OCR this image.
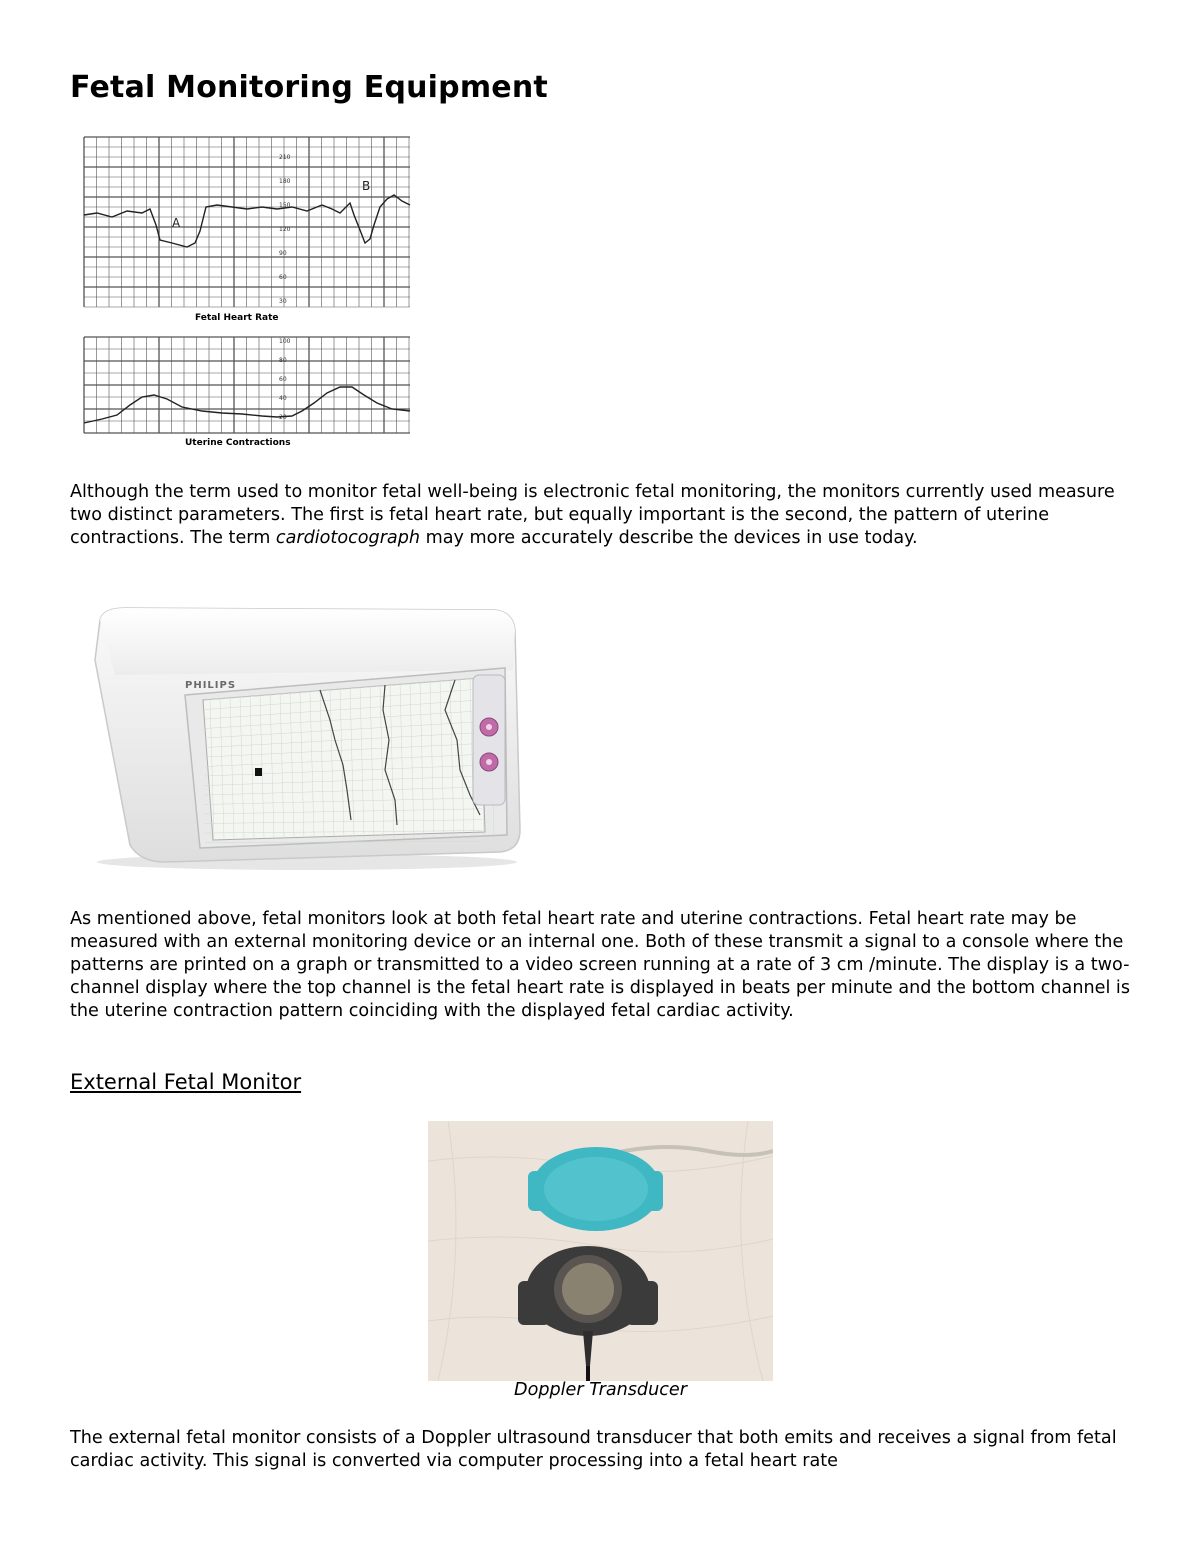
Fetal Monitoring Equipment
210
180
150
120
90
60
30
100
80
60
40
20
A
B
Fetal Heart Rate
Uterine Contractions

Although the term used to monitor fetal well-being is electronic fetal monitoring, the monitors currently used measure two distinct parameters. The first is fetal heart rate, but equally important is the second, the pattern of uterine contractions. The term cardiotocograph may more accurately describe the devices in use today.

PHILIPS

As mentioned above, fetal monitors look at both fetal heart rate and uterine contractions. Fetal heart rate may be measured with an external monitoring device or an internal one. Both of these transmit a signal to a console where the patterns are printed on a graph or transmitted to a video screen running at a rate of 3 cm /minute. The display is a two-channel display where the top channel is the fetal heart rate is displayed in beats per minute and the bottom channel is the uterine contraction pattern coinciding with the displayed fetal cardiac activity.

External Fetal Monitor
Doppler Transducer

The external fetal monitor consists of a Doppler ultrasound transducer that both emits and receives a signal from fetal cardiac activity. This signal is converted via computer processing into a fetal heart rate
